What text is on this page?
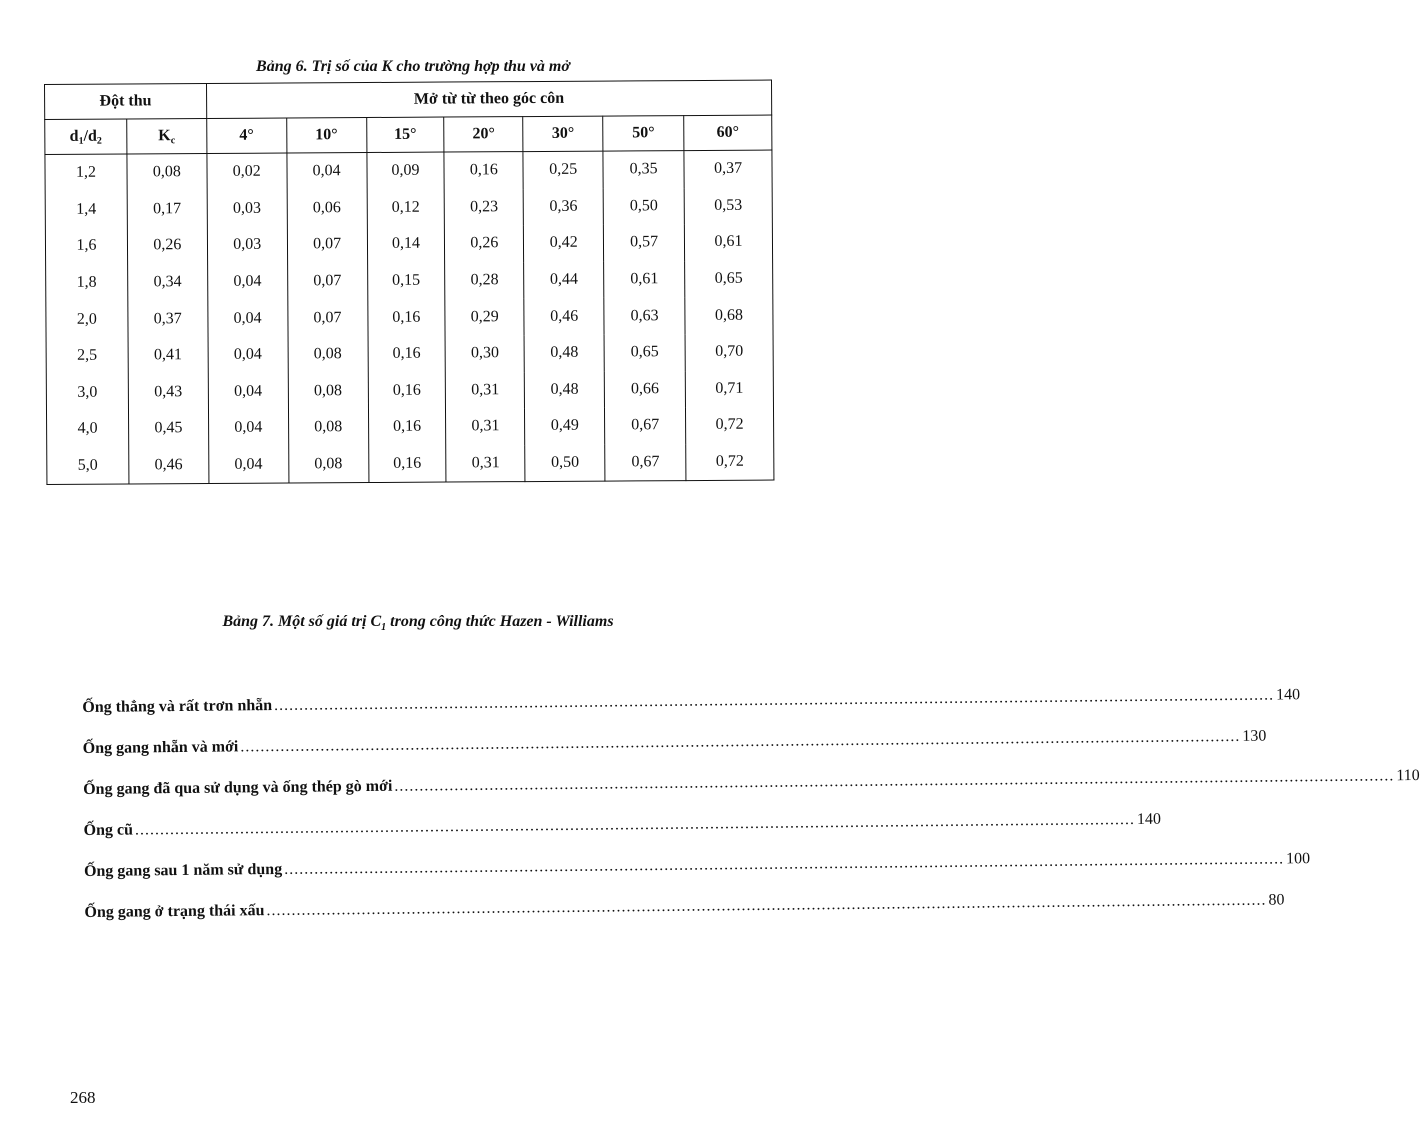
Bảng 6. Trị số của K cho trường hợp thu và mở
Đột thu		Mở từ từ theo góc côn						
$d_1/d_2$	$K_c$	4°	10°	15°	20°	30°	50°	60°
1,2	0,08	0,02	0,04	0,09	0,16	0,25	0,35	0,37
1,4	0,17	0,03	0,06	0,12	0,23	0,36	0,50	0,53
1,6	0,26	0,03	0,07	0,14	0,26	0,42	0,57	0,61
1,8	0,34	0,04	0,07	0,15	0,28	0,44	0,61	0,65
2,0	0,37	0,04	0,07	0,16	0,29	0,46	0,63	0,68
2,5	0,41	0,04	0,08	0,16	0,30	0,48	0,65	0,70
3,0	0,43	0,04	0,08	0,16	0,31	0,48	0,66	0,71
4,0	0,45	0,04	0,08	0,16	0,31	0,49	0,67	0,72
5,0	0,46	0,04	0,08	0,16	0,31	0,50	0,67	0,72
Bảng 7. Một số giá trị $C_1$ trong công thức Hazen - Williams
Ống thẳng và rất trơn nhẵn ........................................................................................................................................................................................................ 140
Ống gang nhẵn và mới ........................................................................................................................................................................................................ 130
Ống gang đã qua sử dụng và ống thép gò mới ........................................................................................................................................................................................................ 110
Ống cũ ........................................................................................................................................................................................................ 140
Ống gang sau 1 năm sử dụng ........................................................................................................................................................................................................ 100
Ống gang ở trạng thái xấu ........................................................................................................................................................................................................ 80
268
